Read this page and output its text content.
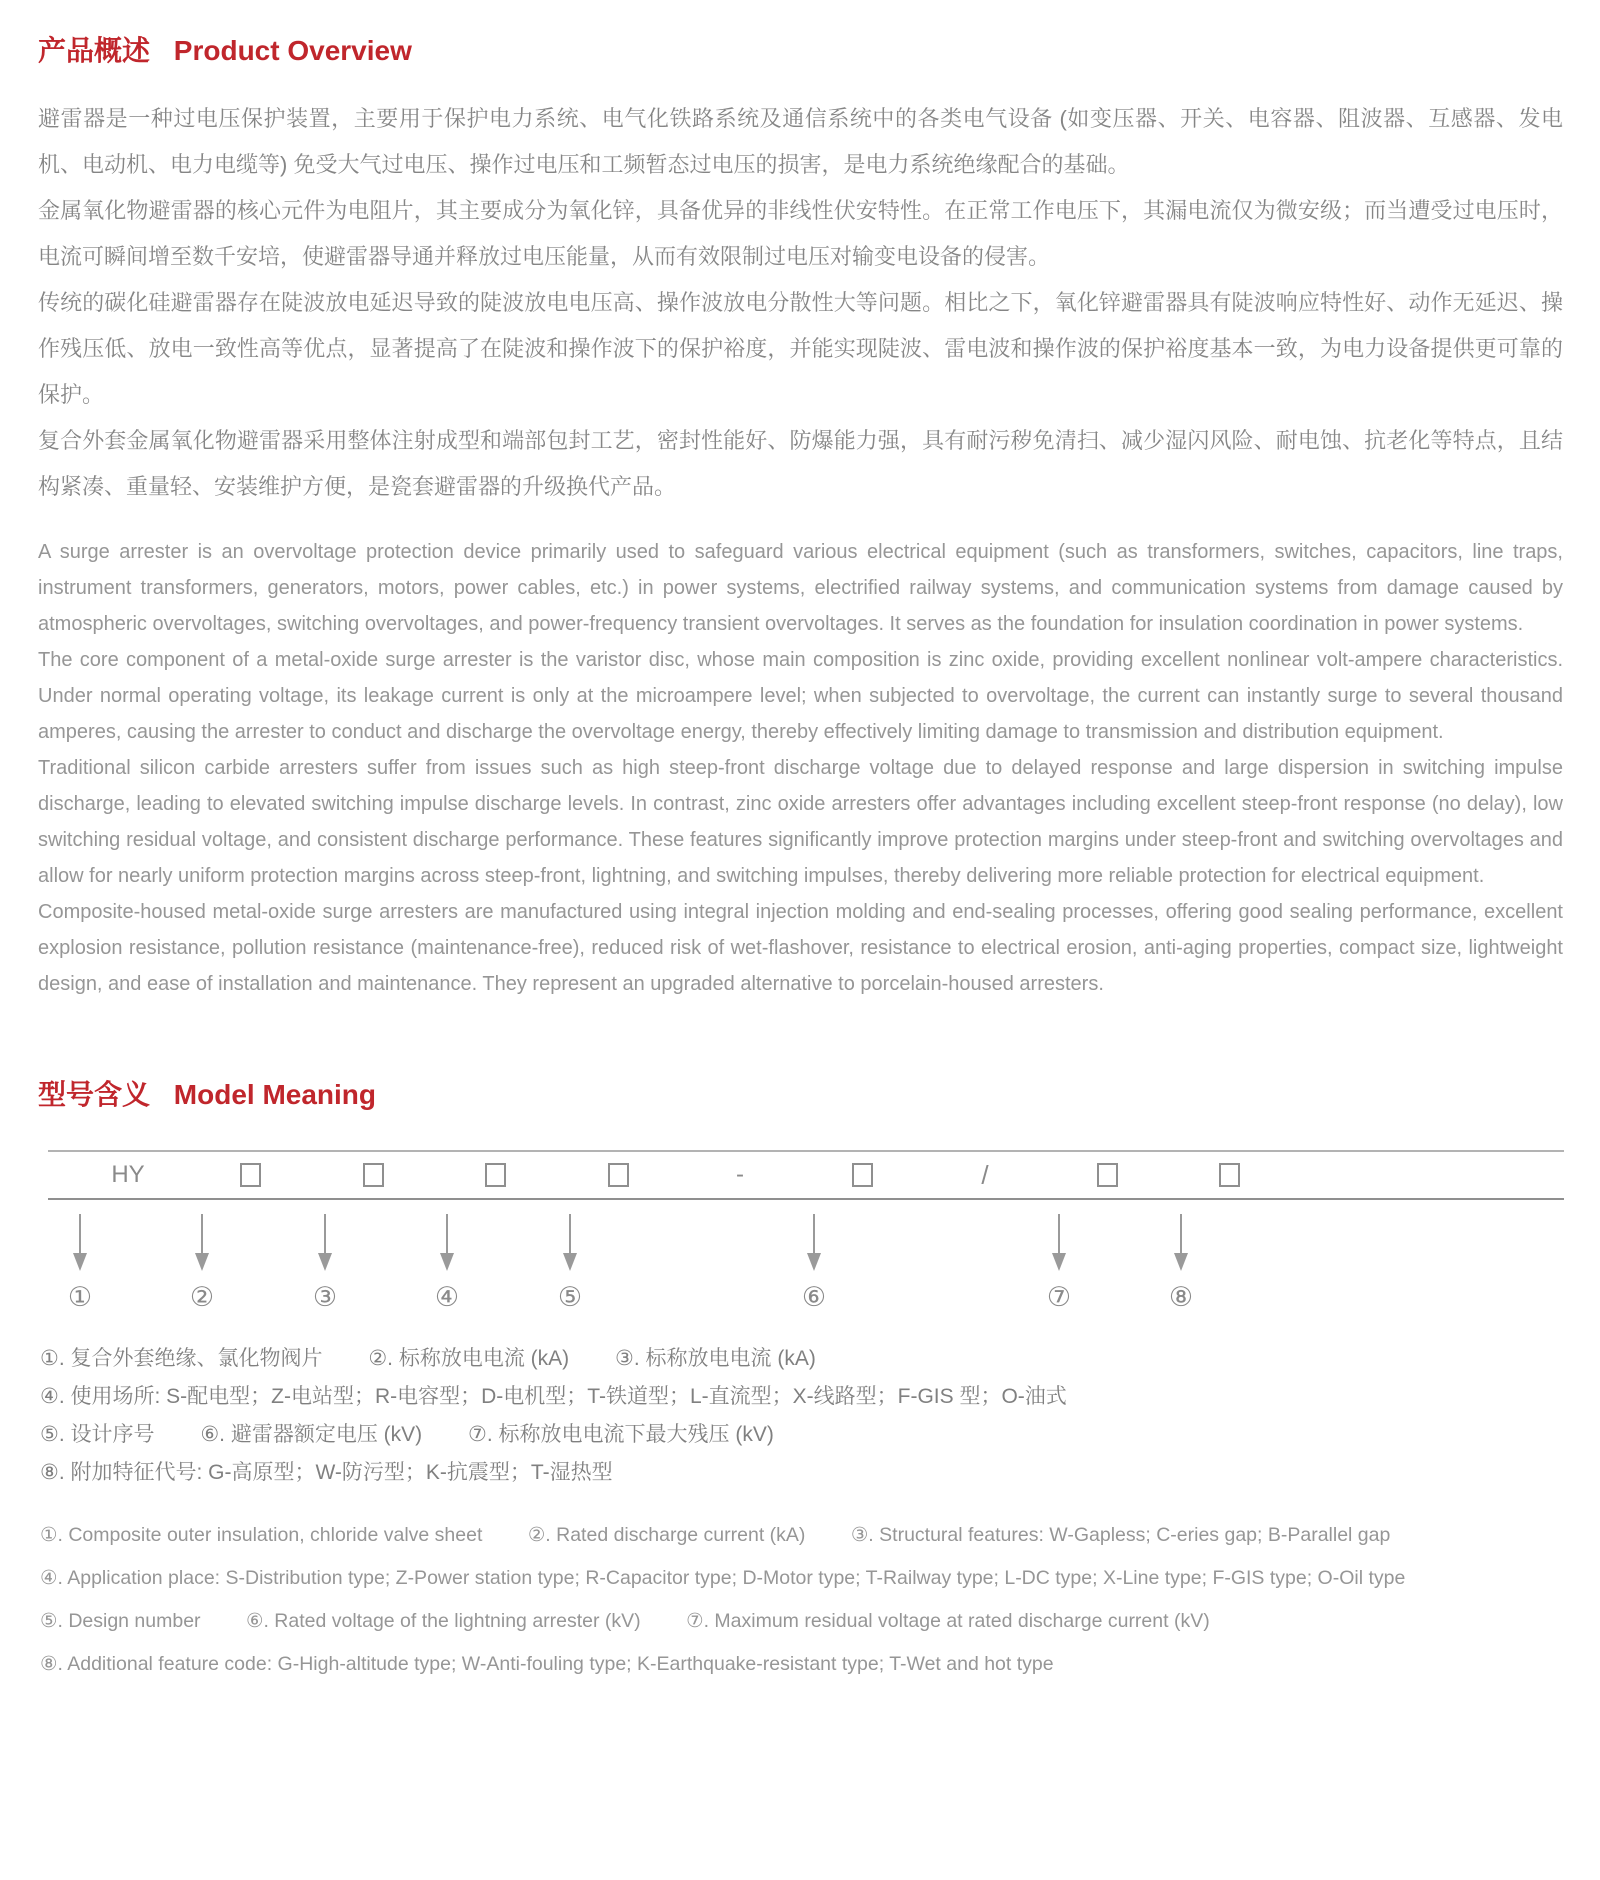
产品概述 Product Overview

避雷器是一种过电压保护装置，主要用于保护电力系统、电气化铁路系统及通信系统中的各类电气设备 (如变压器、开关、电容器、阻波器、互感器、发电机、电动机、电力电缆等) 免受大气过电压、操作过电压和工频暂态过电压的损害，是电力系统绝缘配合的基础。

金属氧化物避雷器的核心元件为电阻片，其主要成分为氧化锌，具备优异的非线性伏安特性。在正常工作电压下，其漏电流仅为微安级；而当遭受过电压时，电流可瞬间增至数千安培，使避雷器导通并释放过电压能量，从而有效限制过电压对输变电设备的侵害。

传统的碳化硅避雷器存在陡波放电延迟导致的陡波放电电压高、操作波放电分散性大等问题。相比之下，氧化锌避雷器具有陡波响应特性好、动作无延迟、操作残压低、放电一致性高等优点，显著提高了在陡波和操作波下的保护裕度，并能实现陡波、雷电波和操作波的保护裕度基本一致，为电力设备提供更可靠的保护。

复合外套金属氧化物避雷器采用整体注射成型和端部包封工艺，密封性能好、防爆能力强，具有耐污秽免清扫、减少湿闪风险、耐电蚀、抗老化等特点，且结构紧凑、重量轻、安装维护方便，是瓷套避雷器的升级换代产品。

A surge arrester is an overvoltage protection device primarily used to safeguard various electrical equipment (such as transformers, switches, capacitors, line traps, instrument transformers, generators, motors, power cables, etc.) in power systems, electrified railway systems, and communication systems from damage caused by atmospheric overvoltages, switching overvoltages, and power-frequency transient overvoltages. It serves as the foundation for insulation coordination in power systems.

The core component of a metal-oxide surge arrester is the varistor disc, whose main composition is zinc oxide, providing excellent nonlinear volt-ampere characteristics. Under normal operating voltage, its leakage current is only at the microampere level; when subjected to overvoltage, the current can instantly surge to several thousand amperes, causing the arrester to conduct and discharge the overvoltage energy, thereby effectively limiting damage to transmission and distribution equipment.

Traditional silicon carbide arresters suffer from issues such as high steep-front discharge voltage due to delayed response and large dispersion in switching impulse discharge, leading to elevated switching impulse discharge levels. In contrast, zinc oxide arresters offer advantages including excellent steep-front response (no delay), low switching residual voltage, and consistent discharge performance. These features significantly improve protection margins under steep-front and switching overvoltages and allow for nearly uniform protection margins across steep-front, lightning, and switching impulses, thereby delivering more reliable protection for electrical equipment.

Composite-housed metal-oxide surge arresters are manufactured using integral injection molding and end-sealing processes, offering good sealing performance, excellent explosion resistance, pollution resistance (maintenance-free), reduced risk of wet-flashover, resistance to electrical erosion, anti-aging properties, compact size, lightweight design, and ease of installation and maintenance. They represent an upgraded alternative to porcelain-housed arresters.

型号含义 Model Meaning
HY	-	/
①	②	③	④	⑤	⑥	⑦	⑧

①. 复合外套绝缘、氯化物阀片 ②. 标称放电电流 (kA) ③. 标称放电电流 (kA)

④. 使用场所: S-配电型；Z-电站型；R-电容型；D-电机型；T-铁道型；L-直流型；X-线路型；F-GIS 型；O-油式

⑤. 设计序号 ⑥. 避雷器额定电压 (kV) ⑦. 标称放电电流下最大残压 (kV)

⑧. 附加特征代号: G-高原型；W-防污型；K-抗震型；T-湿热型

①. Composite outer insulation, chloride valve sheet ②. Rated discharge current (kA) ③. Structural features: W-Gapless; C-eries gap; B-Parallel gap

④. Application place: S-Distribution type; Z-Power station type; R-Capacitor type; D-Motor type; T-Railway type; L-DC type; X-Line type; F-GIS type; O-Oil type

⑤. Design number ⑥. Rated voltage of the lightning arrester (kV) ⑦. Maximum residual voltage at rated discharge current (kV)

⑧. Additional feature code: G-High-altitude type; W-Anti-fouling type; K-Earthquake-resistant type; T-Wet and hot type
